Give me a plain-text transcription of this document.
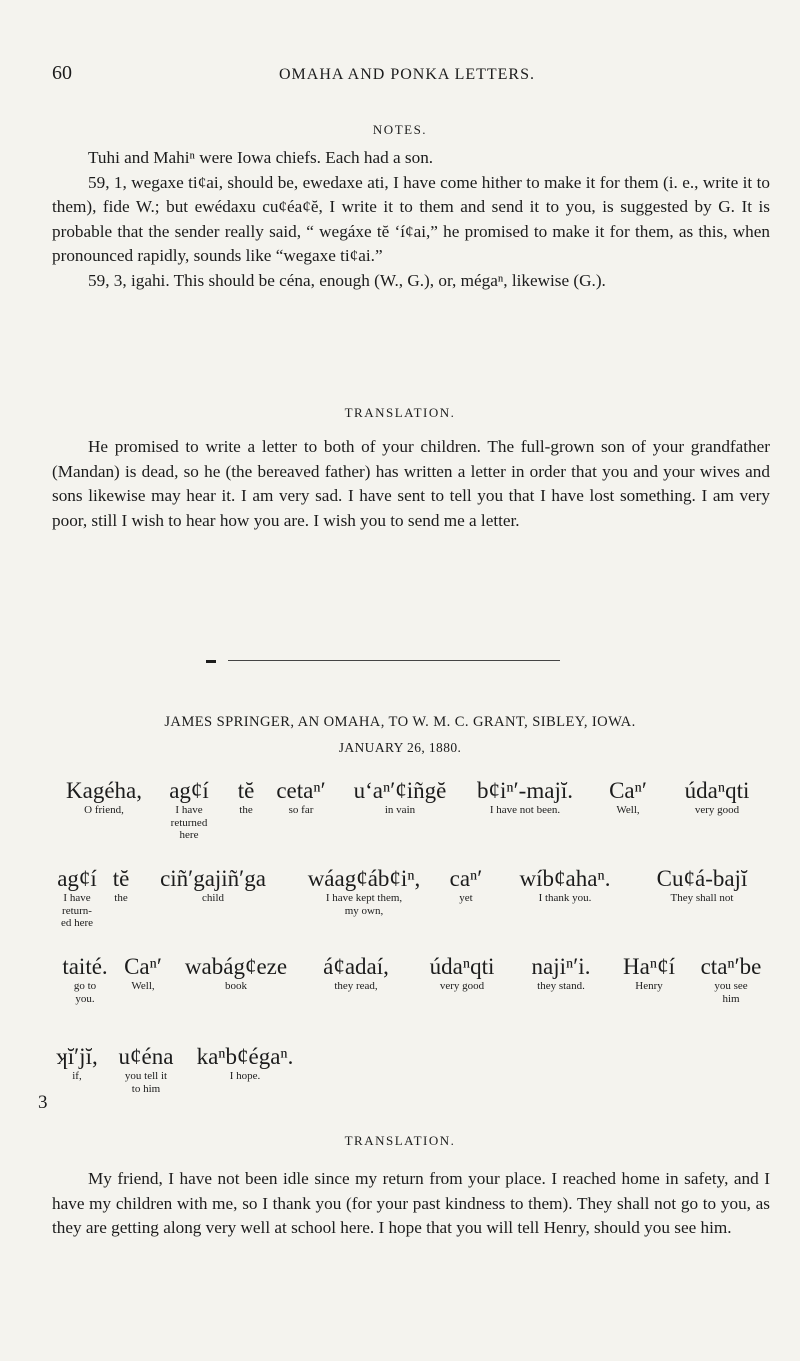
60	OMAHA AND PONKA LETTERS.
NOTES.

Tuhi and Mahiⁿ were Iowa chiefs. Each had a son.

59, 1, wegaxe tiȼai, should be, ewedaxe ati, I have come hither to make it for them (i. e., write it to them), fide W.; but ewédaxu cuȼéaȼĕ, I write it to them and send it to you, is suggested by G. It is probable that the sender really said, “ wegáxe tĕ ‘íȼai,” he promised to make it for them, as this, when pronounced rapidly, sounds like “wegaxe tiȼai.”

59, 3, igahi. This should be céna, enough (W., G.), or, mégaⁿ, likewise (G.).

TRANSLATION.

He promised to write a letter to both of your children. The full-grown son of your grandfather (Mandan) is dead, so he (the bereaved father) has written a letter in order that you and your wives and sons likewise may hear it. I am very sad. I have sent to tell you that I have lost something. I am very poor, still I wish to hear how you are. I wish you to send me a letter.

▬
JAMES SPRINGER, AN OMAHA, TO W. M. C. GRANT, SIBLEY, IOWA.
JANUARY 26, 1880.
3
Kagéha,
O friend,
agȼí
I have
returned
here
tĕ
the
cetaⁿ′
so far
u‘aⁿ′ȼiñgĕ
in vain
bȼiⁿ′-majĭ.
I have not been.
Caⁿ′
Well,
údaⁿqti
very good
agȼí
I have
return-
ed here
tĕ
the
ciñ′gajiñ′ga
child
wáagȼábȼiⁿ,
I have kept them,
my own,
caⁿ′
yet
wíbȼahaⁿ.
I thank you.
Cuȼá-bajĭ
They shall not
taité.
go to
you.
Caⁿ′
Well,
wabágȼeze
book
áȼadaí,
they read,
údaⁿqti
very good
najiⁿ′i.
they stand.
Haⁿȼí
Henry
ctaⁿ′be
you see
him
ʞĭ′jĭ,
if,
uȼéna
you tell it
to him
kaⁿbȼégaⁿ.
I hope.
TRANSLATION.

My friend, I have not been idle since my return from your place. I reached home in safety, and I have my children with me, so I thank you (for your past kindness to them). They shall not go to you, as they are getting along very well at school here. I hope that you will tell Henry, should you see him.
